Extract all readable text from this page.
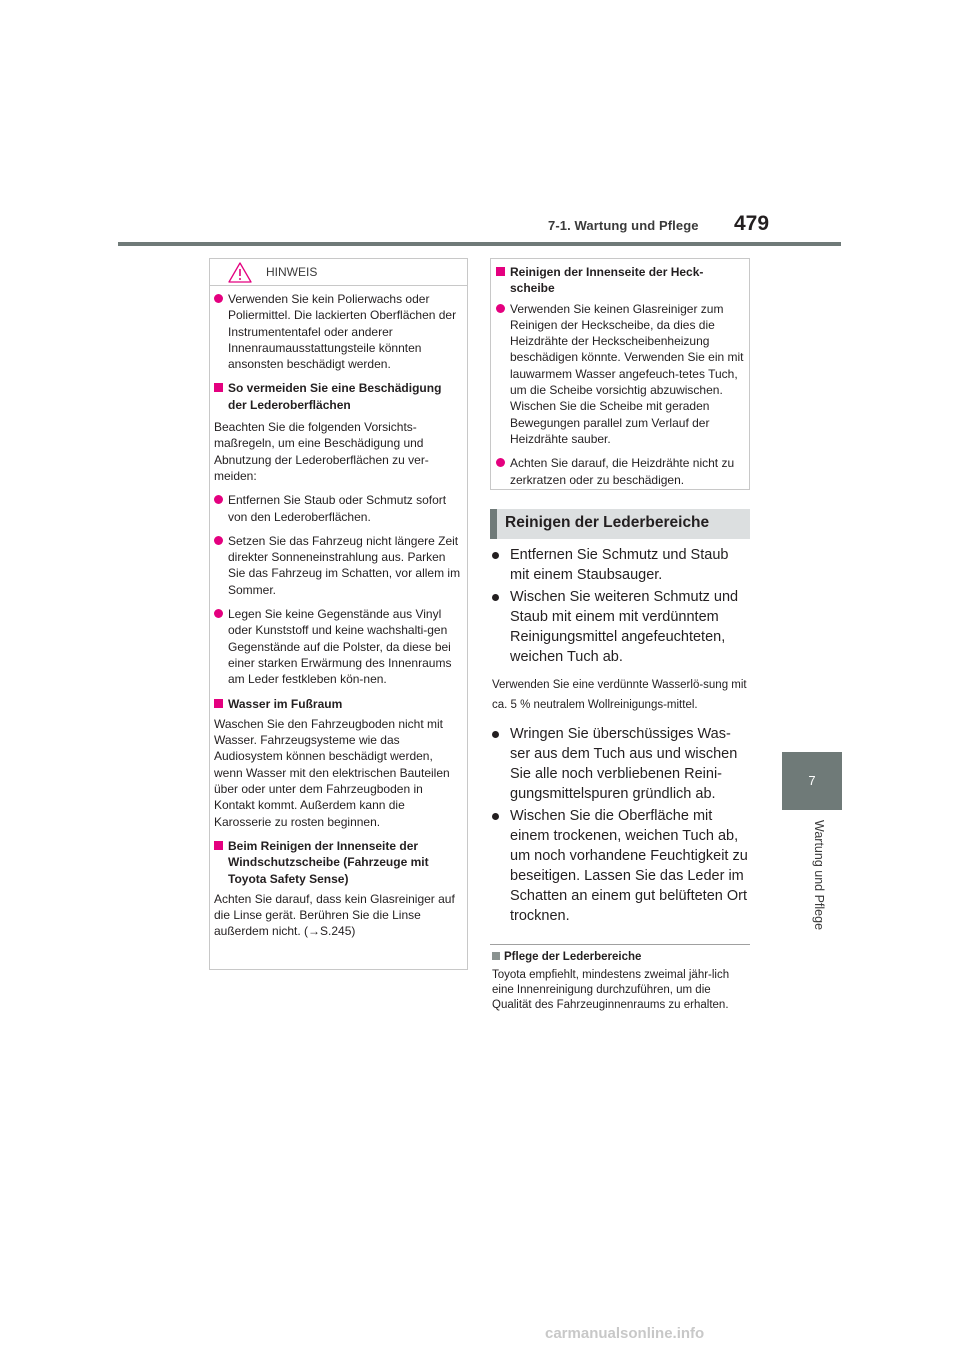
7-1. Wartung und Pflege 479
7
Wartung und Pflege
HINWEIS
Verwenden Sie kein Polierwachs oder Poliermittel. Die lackierten Oberflächen der Instrumententafel oder anderer Innenraumausstattungsteile könnten ansonsten beschädigt werden.
So vermeiden Sie eine Beschädigung der Lederoberflächen
Beachten Sie die folgenden Vorsichts-maßregeln, um eine Beschädigung und Abnutzung der Lederoberflächen zu ver-meiden:
Entfernen Sie Staub oder Schmutz sofort von den Lederoberflächen.
Setzen Sie das Fahrzeug nicht längere Zeit direkter Sonneneinstrahlung aus. Parken Sie das Fahrzeug im Schatten, vor allem im Sommer.
Legen Sie keine Gegenstände aus Vinyl oder Kunststoff und keine wachshalti-gen Gegenstände auf die Polster, da diese bei einer starken Erwärmung des Innenraums am Leder festkleben kön-nen.
Wasser im Fußraum
Waschen Sie den Fahrzeugboden nicht mit Wasser. Fahrzeugsysteme wie das Audiosystem können beschädigt werden, wenn Wasser mit den elektrischen Bauteilen über oder unter dem Fahrzeugboden in Kontakt kommt. Außerdem kann die Karosserie zu rosten beginnen.
Beim Reinigen der Innenseite der Windschutzscheibe (Fahrzeuge mit Toyota Safety Sense)
Achten Sie darauf, dass kein Glasreiniger auf die Linse gerät. Berühren Sie die Linse außerdem nicht. (→S.245)
Reinigen der Innenseite der Heck-scheibe
Verwenden Sie keinen Glasreiniger zum Reinigen der Heckscheibe, da dies die Heizdrähte der Heckscheibenheizung beschädigen könnte. Verwenden Sie ein mit lauwarmem Wasser angefeuch-tetes Tuch, um die Scheibe vorsichtig abzuwischen. Wischen Sie die Scheibe mit geraden Bewegungen parallel zum Verlauf der Heizdrähte sauber.
Achten Sie darauf, die Heizdrähte nicht zu zerkratzen oder zu beschädigen.
Reinigen der Lederbereiche
Entfernen Sie Schmutz und Staub mit einem Staubsauger.
Wischen Sie weiteren Schmutz und Staub mit einem mit verdünntem Reinigungsmittel angefeuchteten, weichen Tuch ab.
Verwenden Sie eine verdünnte Wasserlö-sung mit ca. 5 % neutralem Wollreinigungs-mittel.
Wringen Sie überschüssiges Was-ser aus dem Tuch aus und wischen Sie alle noch verbliebenen Reini-gungsmittelspuren gründlich ab.
Wischen Sie die Oberfläche mit einem trockenen, weichen Tuch ab, um noch vorhandene Feuchtigkeit zu beseitigen. Lassen Sie das Leder im Schatten an einem gut belüfteten Ort trocknen.
Pflege der Lederbereiche
Toyota empfiehlt, mindestens zweimal jähr-lich eine Innenreinigung durchzuführen, um die Qualität des Fahrzeuginnenraums zu erhalten.
carmanualsonline.info
